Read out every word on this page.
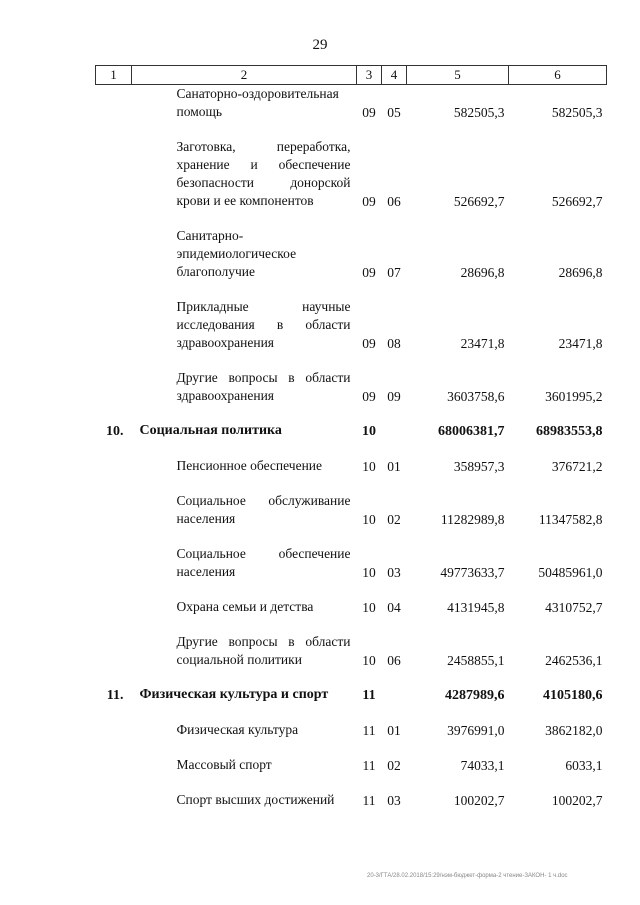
29
1	2	3	4	5	6
	Санаторно-оздоровительная помощь	09	05	582505,3	582505,3

	Заготовка, переработка, хранение и обеспечение безопасности донорской крови и ее компонентов	09	06	526692,7	526692,7

	Санитарно-эпидемиологическое благополучие	09	07	28696,8	28696,8

	Прикладные научные исследования в области здравоохранения	09	08	23471,8	23471,8

	Другие вопросы в области здравоохранения	09	09	3603758,6	3601995,2

10.	Социальная политика	10		68006381,7	68983553,8

	Пенсионное обеспечение	10	01	358957,3	376721,2

	Социальное обслуживание населения	10	02	11282989,8	11347582,8

	Социальное обеспечение населения	10	03	49773633,7	50485961,0

	Охрана семьи и детства	10	04	4131945,8	4310752,7

	Другие вопросы в области социальной политики	10	06	2458855,1	2462536,1

11.	Физическая культура и спорт	11		4287989,6	4105180,6

	Физическая культура	11	01	3976991,0	3862182,0

	Массовый спорт	11	02	74033,1	6033,1

	Спорт высших достижений	11	03	100202,7	100202,7
20-3/ГТА/28.02.2018/15:29/нэм-бюджет-форма-2 чтение-ЗАКОН- 1 ч.doc
